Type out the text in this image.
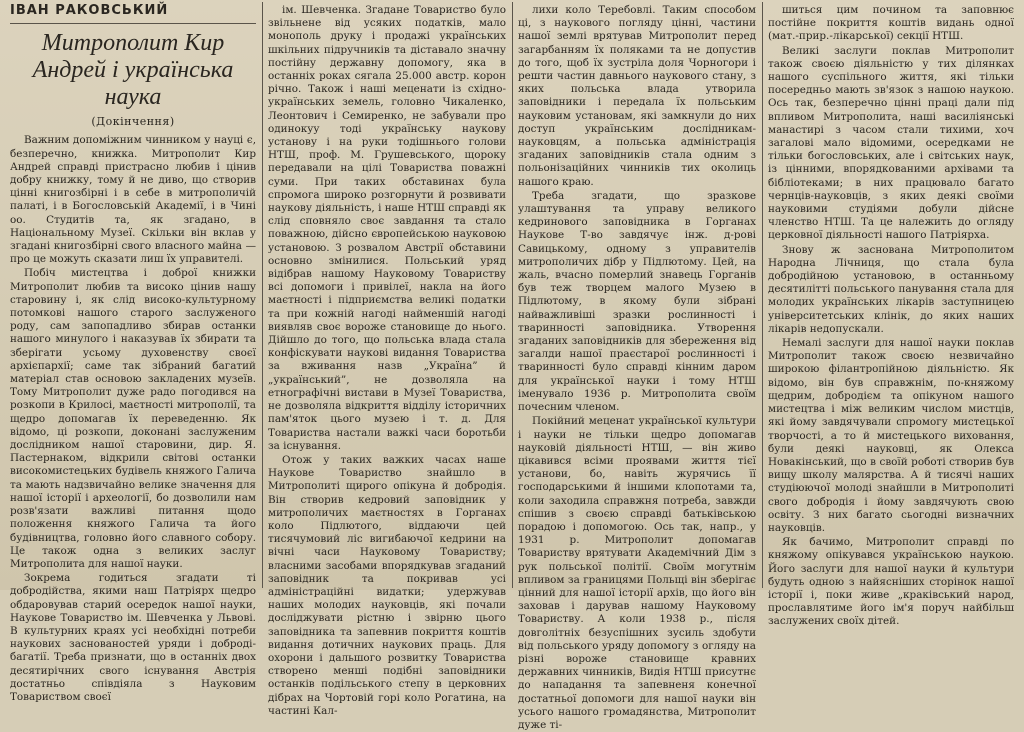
ІВАН РАКОВСЬКИЙ
Митрополит Кир Андрей і українська наука
(Докінчення)

Важним допоміжним чинником у науці є, безперечно, книжка. Митрополит Кир Андрей справді пристрасно любив і цінив добру книжку, тому й не диво, що створив цінні книгозбірні і в себе в митрополичій палаті, і в Богословській Академії, і в Чині оо. Студитів та, як згадано, в Національному Музеї. Скільки він вклав у згадані книгозбірні свого власного майна — про це можуть сказати лиш їх управителі.

Побіч мистецтва і доброї книжки Митрополит любив та високо цінив нашу старовину і, як слід високо-культурному потомкові нашого старого заслуженого роду, сам запопадливо збирав останки нашого минулого і наказував їх збирати та зберігати усьому духовенству своєї архієпархії; саме так зібраний багатий матеріал став основою закладених музеїв. Тому Митрополит дуже радо погодився на розкопи в Крилосі, маєтності митрополії, та щедро допомагав їх переведенню. Як відомо, ці розкопи, доконані заслуженим дослідником нашої старовини, дир. Я. Пастернаком, відкрили світові останки високомистецьких будівель княжого Галича та мають надзвичайно велике значення для нашої історії і археології, бо дозволили нам розв'язати важливі питання щодо положення княжого Галича та його будівництва, головно його славного собору. Це також одна з великих заслуг Митрополита для нашої науки.

Зокрема годиться згадати ті добродійства, якими наш Патріярх щедро обдаровував старий осередок нашої науки, Наукове Товариство ім. Шевченка у Львові. В культурних краях усі необхідні потреби наукових заснованостей уряди і доброді-багатії. Треба признати, що в останніх двох десятирічних свого існування Австрія достатньо співдіяла з Науковим Товариством своєї

ім. Шевченка. Згадане Товариство було звільнене від усяких податків, мало монополь друку і продажі українських шкільних підручників та діставало значну постійну державну допомогу, яка в останніх роках сягала 25.000 австр. корон річно. Також і наші меценати із східно-українських земель, головно Чикаленко, Леонтович і Семиренко, не забували про одинокуу тоді українську наукову установу і на руки тодішнього голови НТШ, проф. М. Грушевського, щороку передавали на цілі Товариства поважні суми. При таких обставинах була спромога широко розгорнути й розвивати наукову діяльність, і наше НТШ справді як слід сповняло своє завдання та стало поважною, дійсно європейською науковою установою. З розвалом Австрії обставини основно змінилися. Польський уряд відібрав нашому Науковому Товариству всі допомоги і привілеї, накла на його маєтності і підприємства великі податки та при кожній нагоді найменшій нагоді виявляв своє вороже становище до нього. Дійшло до того, що польська влада стала конфіскувати наукові видання Товариства за вживання назв „Україна” й „український”, не дозволяла на етнографічні вистави в Музеї Товариства, не дозволяла відкриття відділу історичних пам'яток цього музею і т. д. Для Товариства настали важкі часи боротьби за існування.

Отож у таких важких часах наше Наукове Товариство знайшло в Митрополиті щирого опікуна й добродія. Він створив кедровий заповідник у митрополичих маєтностях в Горганах коло Підлютого, віддаючи цей тисячумовий ліс вигибаючої кедрини на вічні часи Науковому Товариству; власними засобами впорядкував згаданий заповідник та покривав усі адміністраційні видатки; удержував наших молодих науковців, які почали досліджувати рістню і звірню цього заповідника та запевнив покриття коштів видання дотичних наукових праць. Для охорони і дальшого розвитку Товариства створено менші подібні заповідники останків подільського степу в церковних дібрах на Чортовій горі коло Рогатина, на частині Кал-

лихи коло Теребовлі. Таким способом ці, з наукового погляду цінні, частини нашої землі врятував Митрополит перед загарбанням їх поляками та не допустив до того, щоб їх зустріла доля Чорногори і решти частин давнього наукового стану, з яких польська влада утворила заповідники і передала їх польським науковим установам, які замкнули до них доступ українським дослідникам-науковцям, а польська адміністрація згаданих заповідників стала одним з польонізаційних чинників тих околиць нашого краю.

Треба згадати, що зразкове улаштування та управу великого кедринового заповідника в Горганах Наукове Т-во завдячує інж. д-рові Савицькому, одному з управителів митрополичих дібр у Підлютому. Цей, на жаль, вчасно померлий знавець Горганів був теж творцем малого Музею в Підлютому, в якому були зібрані найважливіші зразки рослинності і тваринності заповідника. Утворення згаданих заповідників для збереження від загалди нашої праєстарої рослинності і тваринності було справді кінним даром для української науки і тому НТШ іменувало 1936 р. Митрополита своїм почесним членом.

Покійний меценат української культури і науки не тільки щедро допомагав науковій діяльності НТШ, — він живо цікавився всіми проявами життя тієї установи, бо, навіть журячись її господарськими й іншими клопотами та, коли заходила справжня потреба, завжди спішив з своєю справді батьківською порадою і допомогою. Ось так, напр., у 1931 р. Митрополит допомагав Товариству врятувати Академічний Дім з рук польської політії. Своїм могутнім впливом за границями Польщі він зберігає цінний для нашої історії архів, що його він заховав і дарував нашому Науковому Товариству. А коли 1938 р., після довголітніх безуспішних зусиль здобути від польського уряду допомогу з огляду на різні вороже становище кравних державних чинників, Видія НТШ присутнє до нападання та запевненя конечної достатньої допомоги для нашої науки він усього нашого громадянства, Митрополит дуже ті-

шиться цим почином та заповнює постійне покриття коштів видань одної (мат.-прир.-лікарської) секції НТШ.

Великі заслуги поклав Митрополит також своєю діяльністю у тих ділянках нашого суспільного життя, які тільки посередньо мають зв'язок з нашою наукою. Ось так, безперечно цінні праці дали під впливом Митрополита, наші василіянські манастирі з часом стали тихими, хоч загалові мало відомими, осередками не тільки богословських, але і світських наук, із цінними, впорядкованими архівами та бібліотеками; в них працювало багато чернців-науковців, з яких деякі своїми науковими студіями добули дійсне членство НТШ. Та це належить до огляду церковної діяльності нашого Патріярха.

Знову ж заснована Митрополитом Народна Лічниця, що стала була добродійною установою, в останньому десятилітті польського панування стала для молодих українських лікарів заступницею університетських клінік, до яких наших лікарів недопускали.

Немалі заслуги для нашої науки поклав Митрополит також своєю незвичайно широкою філантропійною діяльністю. Як відомо, він був справжнім, по-княжому щедрим, добродієм та опікуном нашого мистецтва і між великим числом мистців, які йому завдячували спромогу мистецької творчості, а то й мистецького виховання, були деякі науковці, як Олекса Новакінський, що в своїй роботі створив був вищу школу малярства. А й тисячі наших студіюючої молоді знайшли в Митрополиті свого добродія і йому завдячують свою освіту. З них багато сьогодні визначних науковців.

Як бачимо, Митрополит справді по княжому опікувався українською наукою. Його заслуги для нашої науки й культури будуть одною з найясніших сторінок нашої історії і, поки живе „краківський народ, прославлятиме його ім'я поруч найбільш заслужених своїх дітей.
